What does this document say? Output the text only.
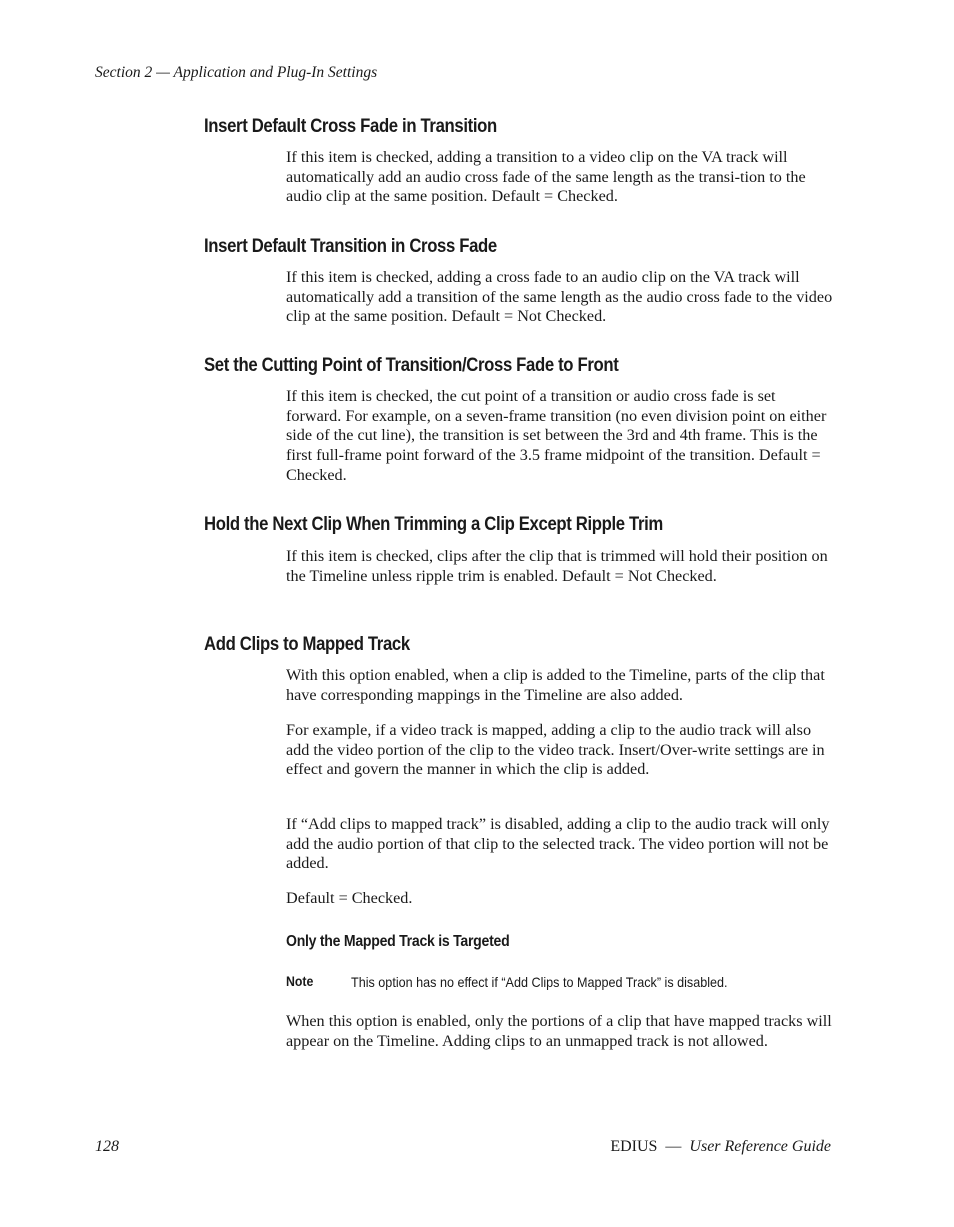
Section 2 — Application and Plug-In Settings
Insert Default Cross Fade in Transition

If this item is checked, adding a transition to a video clip on the VA track will automatically add an audio cross fade of the same length as the transi-tion to the audio clip at the same position. Default = Checked.

Insert Default Transition in Cross Fade

If this item is checked, adding a cross fade to an audio clip on the VA track will automatically add a transition of the same length as the audio cross fade to the video clip at the same position. Default = Not Checked.

Set the Cutting Point of Transition/Cross Fade to Front

If this item is checked, the cut point of a transition or audio cross fade is set forward. For example, on a seven-frame transition (no even division point on either side of the cut line), the transition is set between the 3rd and 4th frame. This is the first full-frame point forward of the 3.5 frame midpoint of the transition. Default = Checked.

Hold the Next Clip When Trimming a Clip Except Ripple Trim

If this item is checked, clips after the clip that is trimmed will hold their position on the Timeline unless ripple trim is enabled. Default = Not Checked.

Add Clips to Mapped Track

With this option enabled, when a clip is added to the Timeline, parts of the clip that have corresponding mappings in the Timeline are also added.

For example, if a video track is mapped, adding a clip to the audio track will also add the video portion of the clip to the video track. Insert/Over-write settings are in effect and govern the manner in which the clip is added.

If “Add clips to mapped track” is disabled, adding a clip to the audio track will only add the audio portion of that clip to the selected track. The video portion will not be added.

Default = Checked.

Only the Mapped Track is Targeted
Note	This option has no effect if “Add Clips to Mapped Track” is disabled.

When this option is enabled, only the portions of a clip that have mapped tracks will appear on the Timeline. Adding clips to an unmapped track is not allowed.

128	EDIUS — User Reference Guide
